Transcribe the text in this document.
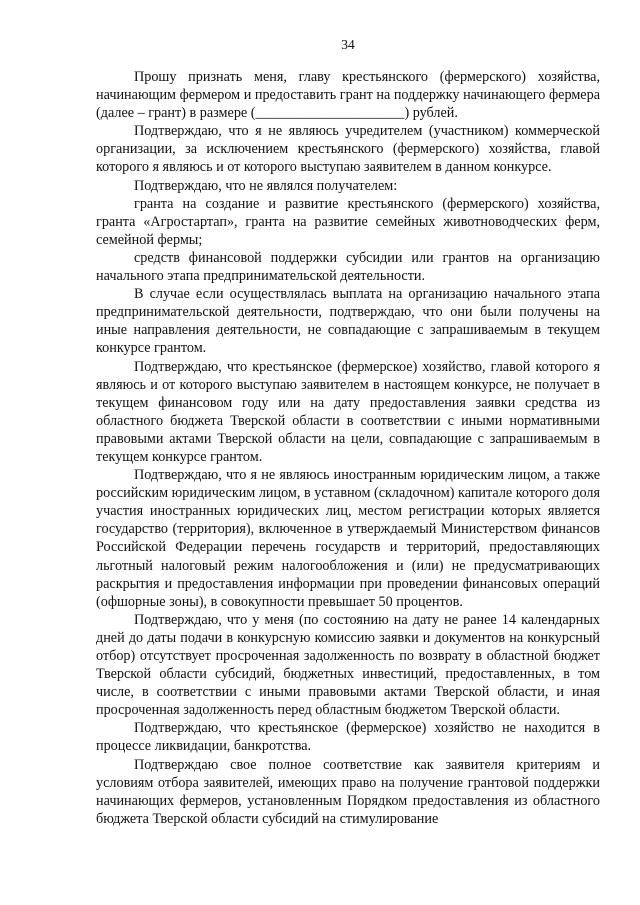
34

Прошу признать меня, главу крестьянского (фермерского) хозяйства, начинающим фермером и предоставить грант на поддержку начинающего фермера (далее – грант) в размере (_____________________) рублей.

Подтверждаю, что я не являюсь учредителем (участником) коммерческой организации, за исключением крестьянского (фермерского) хозяйства, главой которого я являюсь и от которого выступаю заявителем в данном конкурсе.

Подтверждаю, что не являлся получателем:

гранта на создание и развитие крестьянского (фермерского) хозяйства, гранта «Агростартап», гранта на развитие семейных животноводческих ферм, семейной фермы;

средств финансовой поддержки субсидии или грантов на организацию начального этапа предпринимательской деятельности.

В случае если осуществлялась выплата на организацию начального этапа предпринимательской деятельности, подтверждаю, что они были получены на иные направления деятельности, не совпадающие с запрашиваемым в текущем конкурсе грантом.

Подтверждаю, что крестьянское (фермерское) хозяйство, главой которого я являюсь и от которого выступаю заявителем в настоящем конкурсе, не получает в текущем финансовом году или на дату предоставления заявки средства из областного бюджета Тверской области в соответствии с иными нормативными правовыми актами Тверской области на цели, совпадающие с запрашиваемым в текущем конкурсе грантом.

Подтверждаю, что я не являюсь иностранным юридическим лицом, а также российским юридическим лицом, в уставном (складочном) капитале которого доля участия иностранных юридических лиц, местом регистрации которых является государство (территория), включенное в утверждаемый Министерством финансов Российской Федерации перечень государств и территорий, предоставляющих льготный налоговый режим налогообложения и (или) не предусматривающих раскрытия и предоставления информации при проведении финансовых операций (офшорные зоны), в совокупности превышает 50 процентов.

Подтверждаю, что у меня (по состоянию на дату не ранее 14 календарных дней до даты подачи в конкурсную комиссию заявки и документов на конкурсный отбор) отсутствует просроченная задолженность по возврату в областной бюджет Тверской области субсидий, бюджетных инвестиций, предоставленных, в том числе, в соответствии с иными правовыми актами Тверской области, и иная просроченная задолженность перед областным бюджетом Тверской области.

Подтверждаю, что крестьянское (фермерское) хозяйство не находится в процессе ликвидации, банкротства.

Подтверждаю свое полное соответствие как заявителя критериям и условиям отбора заявителей, имеющих право на получение грантовой поддержки начинающих фермеров, установленным Порядком предоставления из областного бюджета Тверской области субсидий на стимулирование
